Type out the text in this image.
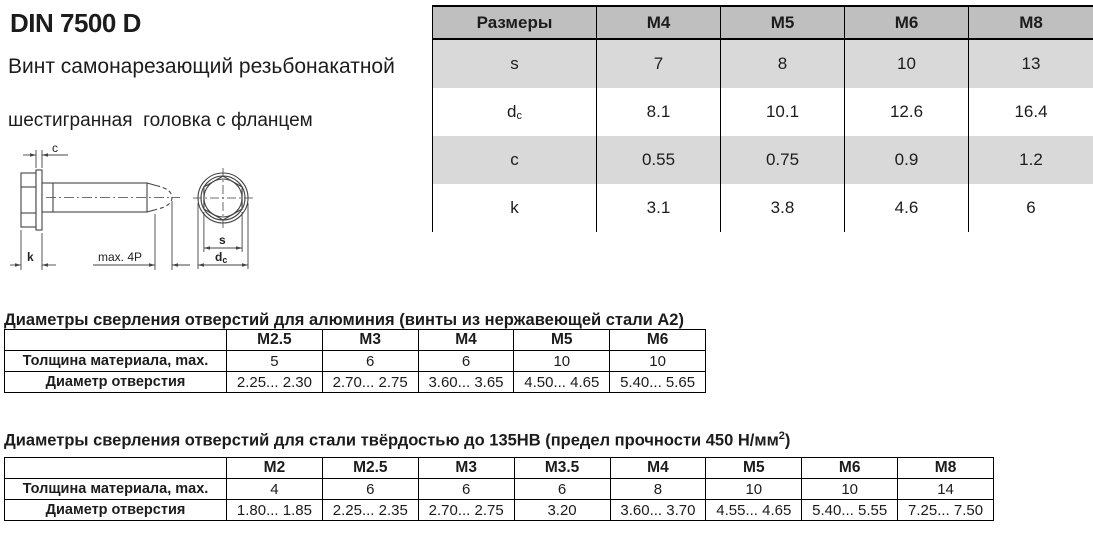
DIN 7500 D
Винт самонарезающий резьбонакатной
шестигранная  головка с фланцем
c
k	max. 4P
s
dc
Размеры	M4	M5	M6	M8
s	7	8	10	13
d c	8.1	10.1	12.6	16.4
c	0.55	0.75	0.9	1.2
k	3.1	3.8	4.6	6
Диаметры сверления отверстий для алюминия (винты из нержавеющей стали А2)
	M2.5	M3	M4	M5	M6
Толщина материала, max.	5	6	6	10	10
Диаметр отверстия	2.25... 2.30	2.70... 2.75	3.60... 3.65	4.50... 4.65	5.40... 5.65
Диаметры сверления отверстий для стали твёрдостью до 135HB (предел прочности 450 $Н/мм^2$)
	M2	M2.5	M3	M3.5	M4	M5	M6	M8
Толщина материала, max.	4	6	6	6	8	10	10	14
Диаметр отверстия	1.80... 1.85	2.25... 2.35	2.70... 2.75	3.20	3.60... 3.70	4.55... 4.65	5.40... 5.55	7.25... 7.50
